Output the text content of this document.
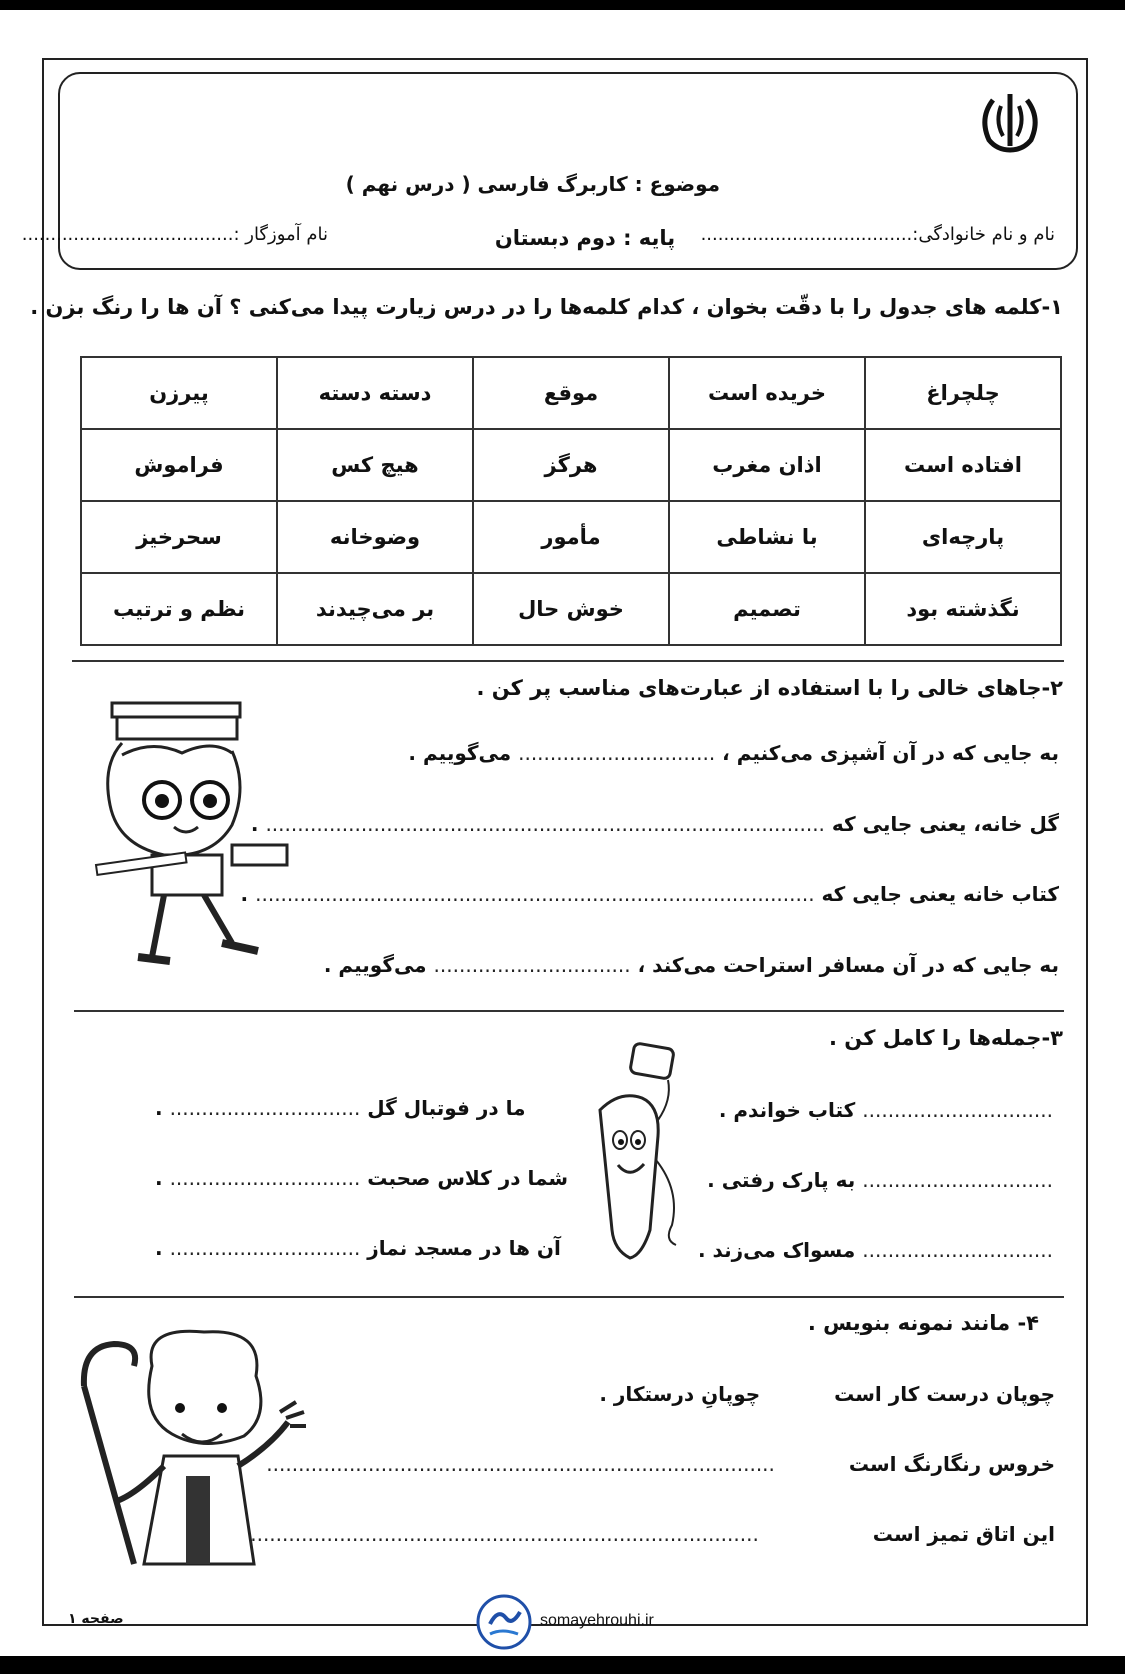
موضوع : کاربرگ فارسی ( درس نهم )
پایه : دوم دبستان	نام و نام خانوادگی:.....................................
نام آموزگار :.....................................
۱-کلمه های جدول را با دقّت بخوان ، کدام کلمه‌ها را در درس زیارت پیدا می‌کنی ؟ آن ها را رنگ بزن .
چلچراغ	خریده است	موقع	دسته دسته	پیرزن
افتاده است	اذان مغرب	هرگز	هیچ کس	فراموش
پارچه‌ای	با نشاطی	مأمور	وضوخانه	سحرخیز
نگذشته بود	تصمیم	خوش حال	بر می‌چیدند	نظم و ترتیب
۲-جاهای خالی را با استفاده از عبارت‌های مناسب پر کن .
به جایی که در آن آشپزی می‌کنیم ، ............................... می‌گوییم .
گل خانه، یعنی جایی که ........................................................................................ .
کتاب خانه یعنی جایی که ........................................................................................ .
به جایی که در آن مسافر استراحت می‌کند ، ............................... می‌گوییم .
۳-جمله‌ها را کامل کن .
.............................. کتاب خواندم .
.............................. به پارک رفتی .
.............................. مسواک می‌زند .
ما در فوتبال گل .............................. .
شما در کلاس صحبت .............................. .
آن ها در مسجد نماز .............................. .
۴- مانند نمونه بنویس .
چوپان درست کار است  چوپانِ درستکار .
خروس رنگارنگ است  ................................................................................
این اتاق تمیز است  ................................................................................
صفحه ۱	somayehrouhi.ir
